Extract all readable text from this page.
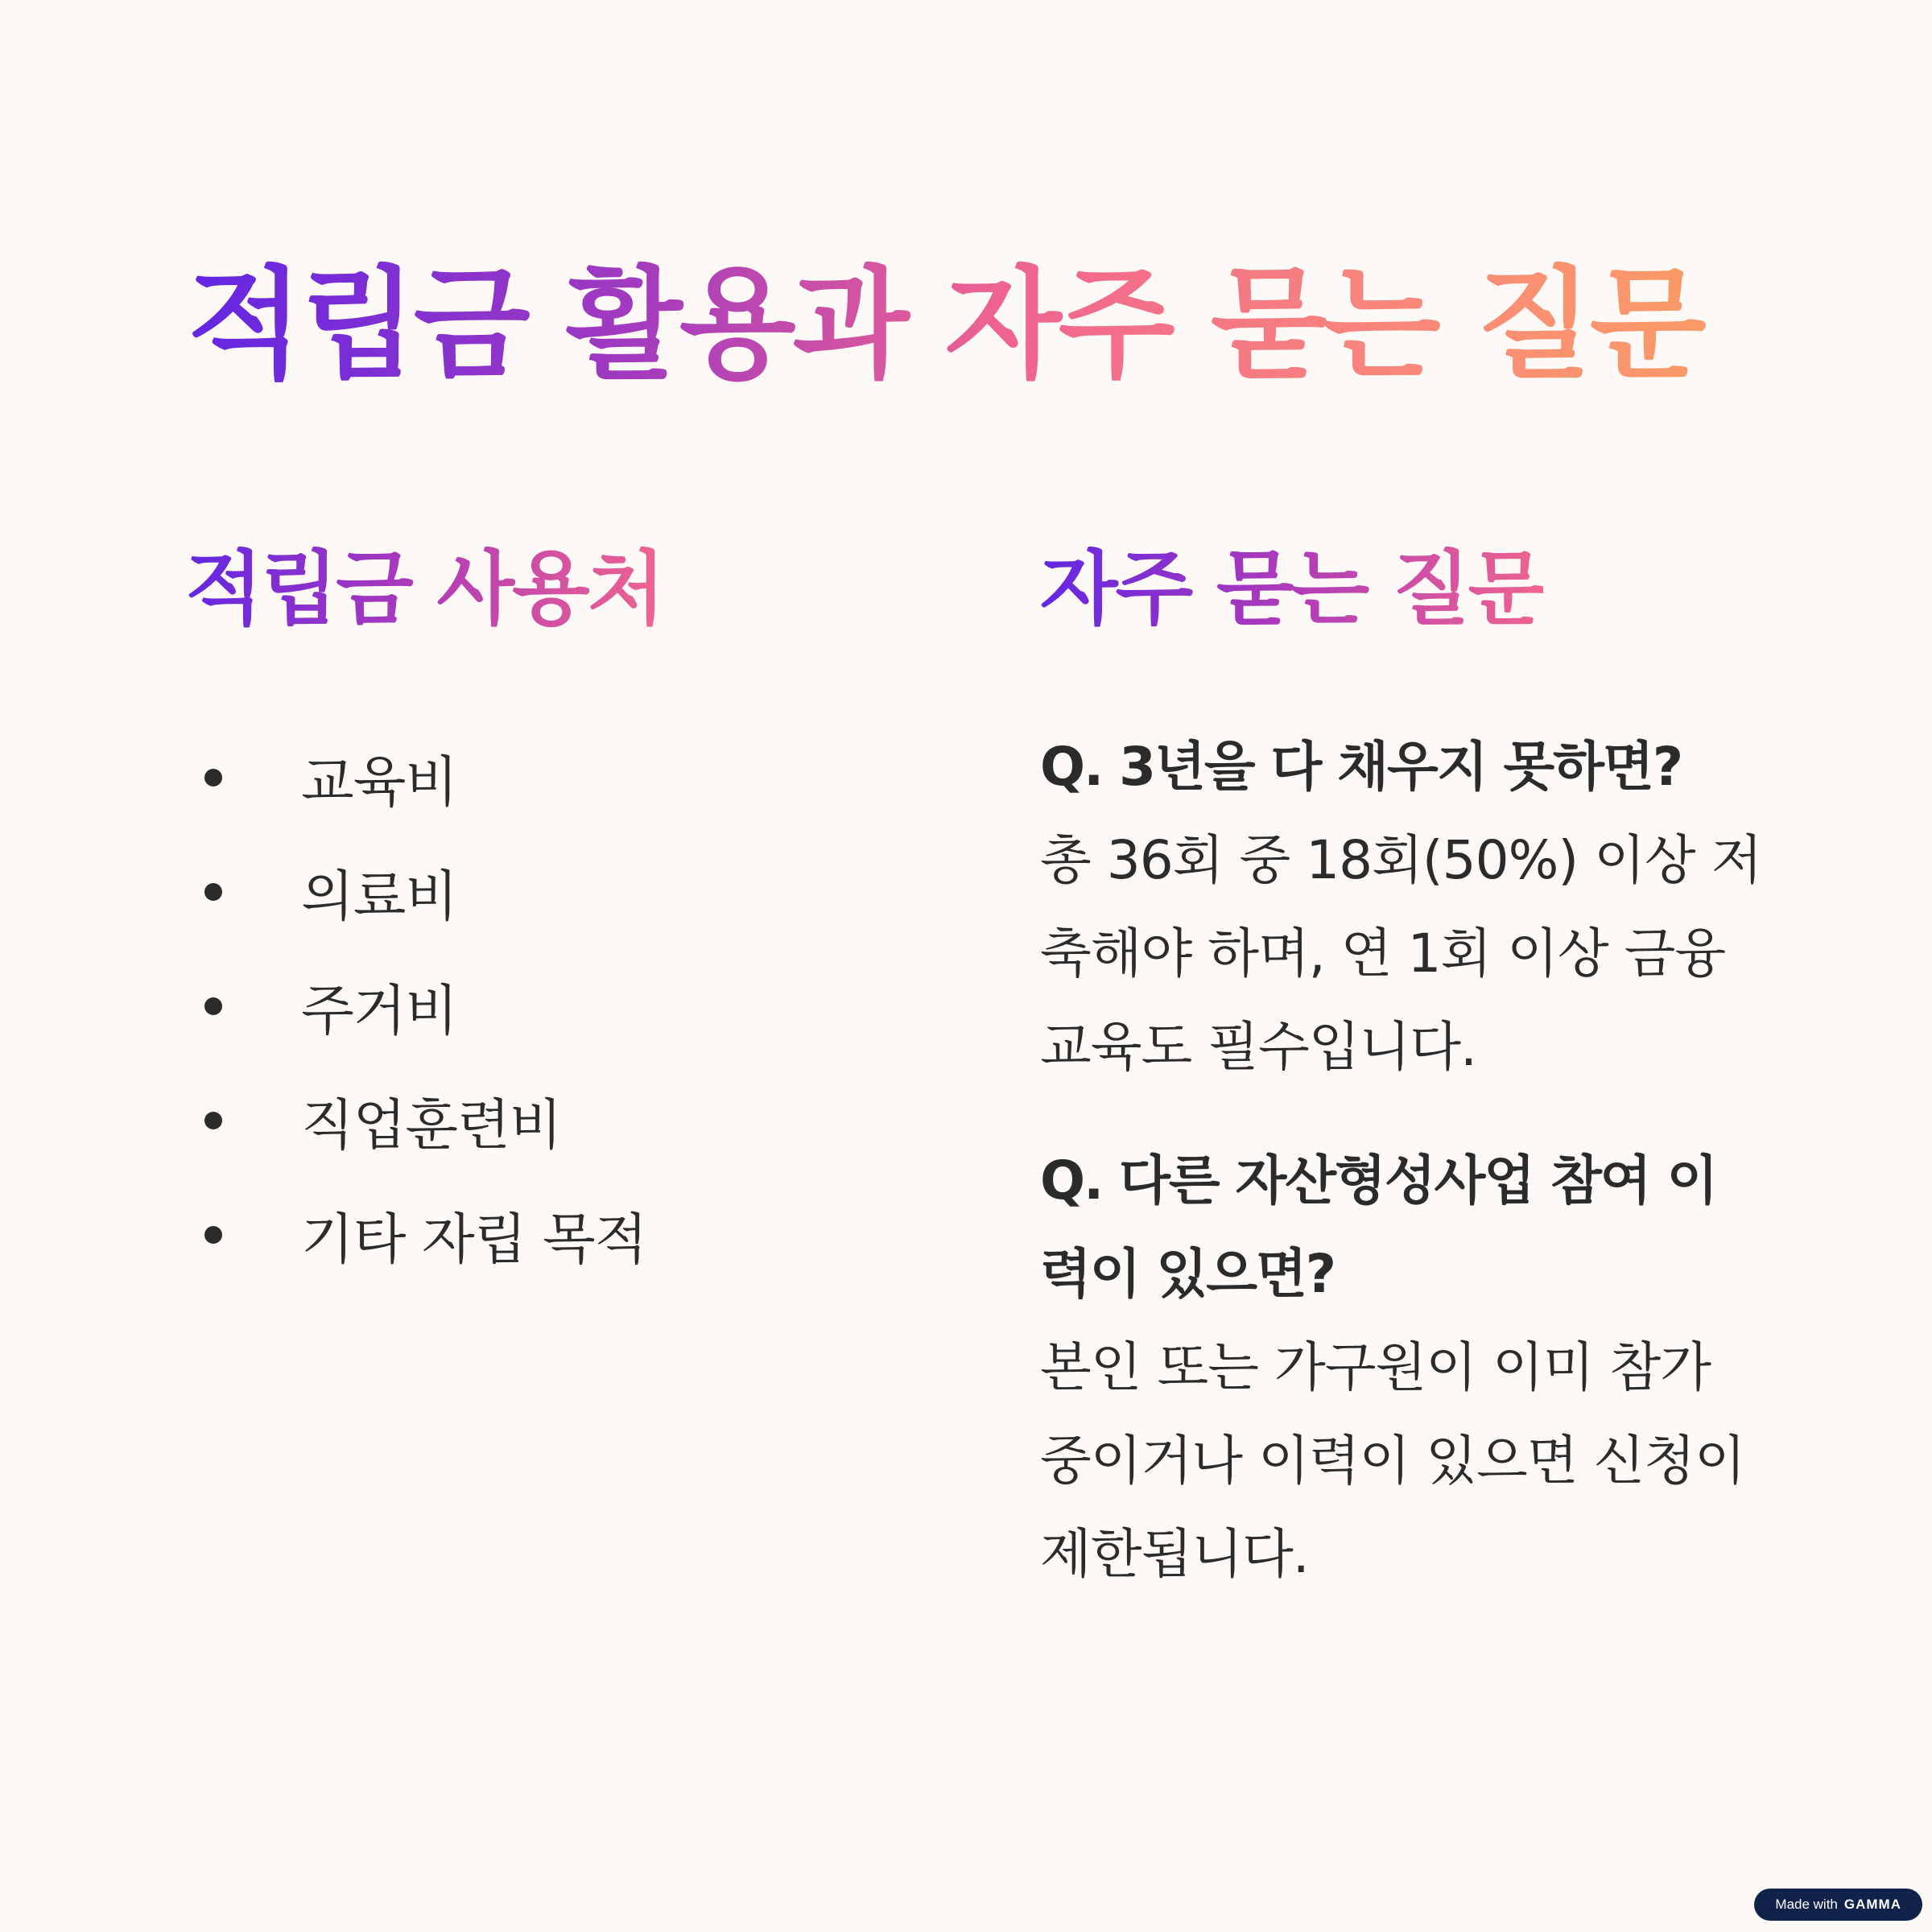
적립금 활용과 자주 묻는 질문
적립금 사용처	자주 묻는 질문
교육비
의료비
주거비
직업훈련비
기타 자립 목적

Q. 3년을 다 채우지 못하면?

총 36회 중 18회(50%) 이상 저축해야 하며, 연 1회 이상 금융교육도 필수입니다.

Q. 다른 자산형성사업 참여 이력이 있으면?

본인 또는 가구원이 이미 참가 중이거나 이력이 있으면 신청이 제한됩니다.

Made with GAMMA
